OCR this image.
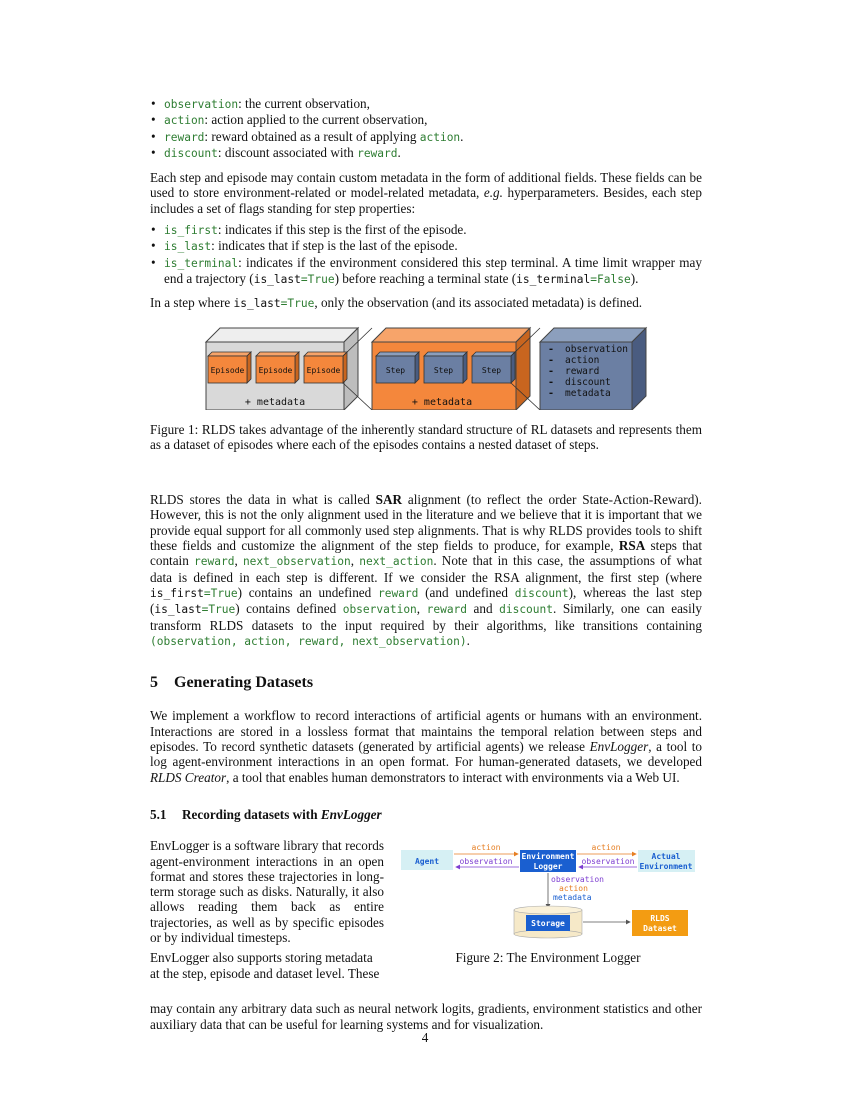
• observation: the current observation,
• action: action applied to the current observation,
• reward: reward obtained as a result of applying action.
• discount: discount associated with reward.

Each step and episode may contain custom metadata in the form of additional fields. These fields can be used to store environment-related or model-related metadata, e.g. hyperparameters. Besides, each step includes a set of flags standing for step properties:

• is_first: indicates if this step is the first of the episode.
• is_last: indicates that if step is the last of the episode.
• is_terminal: indicates if the environment considered this step terminal. A time limit wrapper may end a trajectory (is_last=True) before reaching a terminal state (is_terminal=False).

In a step where is_last=True, only the observation (and its associated metadata) is defined.

Episode Episode Episode
+ metadata
Step	Step	Step
+ metadata
- observation
- action
- reward
- discount
- metadata

Figure 1: RLDS takes advantage of the inherently standard structure of RL datasets and represents them as a dataset of episodes where each of the episodes contains a nested dataset of steps.

RLDS stores the data in what is called SAR alignment (to reflect the order State-Action-Reward). However, this is not the only alignment used in the literature and we believe that it is important that we provide equal support for all commonly used step alignments. That is why RLDS provides tools to shift these fields and customize the alignment of the step fields to produce, for example, RSA steps that contain reward, next_observation, next_action. Note that in this case, the assumptions of what data is defined in each step is different. If we consider the RSA alignment, the first step (where is_first=True) contains an undefined reward (and undefined discount), whereas the last step (is_last=True) contains defined observation, reward and discount. Similarly, one can easily transform RLDS datasets to the input required by their algorithms, like transitions containing (observation, action, reward, next_observation).

5 Generating Datasets

We implement a workflow to record interactions of artificial agents or humans with an environment. Interactions are stored in a lossless format that maintains the temporal relation between steps and episodes. To record synthetic datasets (generated by artificial agents) we release EnvLogger, a tool to log agent-environment interactions in an open format. For human-generated datasets, we developed RLDS Creator, a tool that enables human demonstrators to interact with environments via a Web UI.

5.1 Recording datasets with EnvLogger

EnvLogger is a software library that records agent-environment interactions in an open format and stores these trajectories in long-term storage such as disks. Naturally, it also allows reading them back as entire trajectories, as well as by specific episodes or by individual timesteps.

EnvLogger also supports storing metadata at the step, episode and dataset level. These

Agent
Environment
Logger
Actual
Environment
action
observation
action
observation
observation
action
metadata
Storage
RLDS
Dataset
Figure 2: The Environment Logger

may contain any arbitrary data such as neural network logits, gradients, environment statistics and other auxiliary data that can be useful for learning systems and for visualization.

4
